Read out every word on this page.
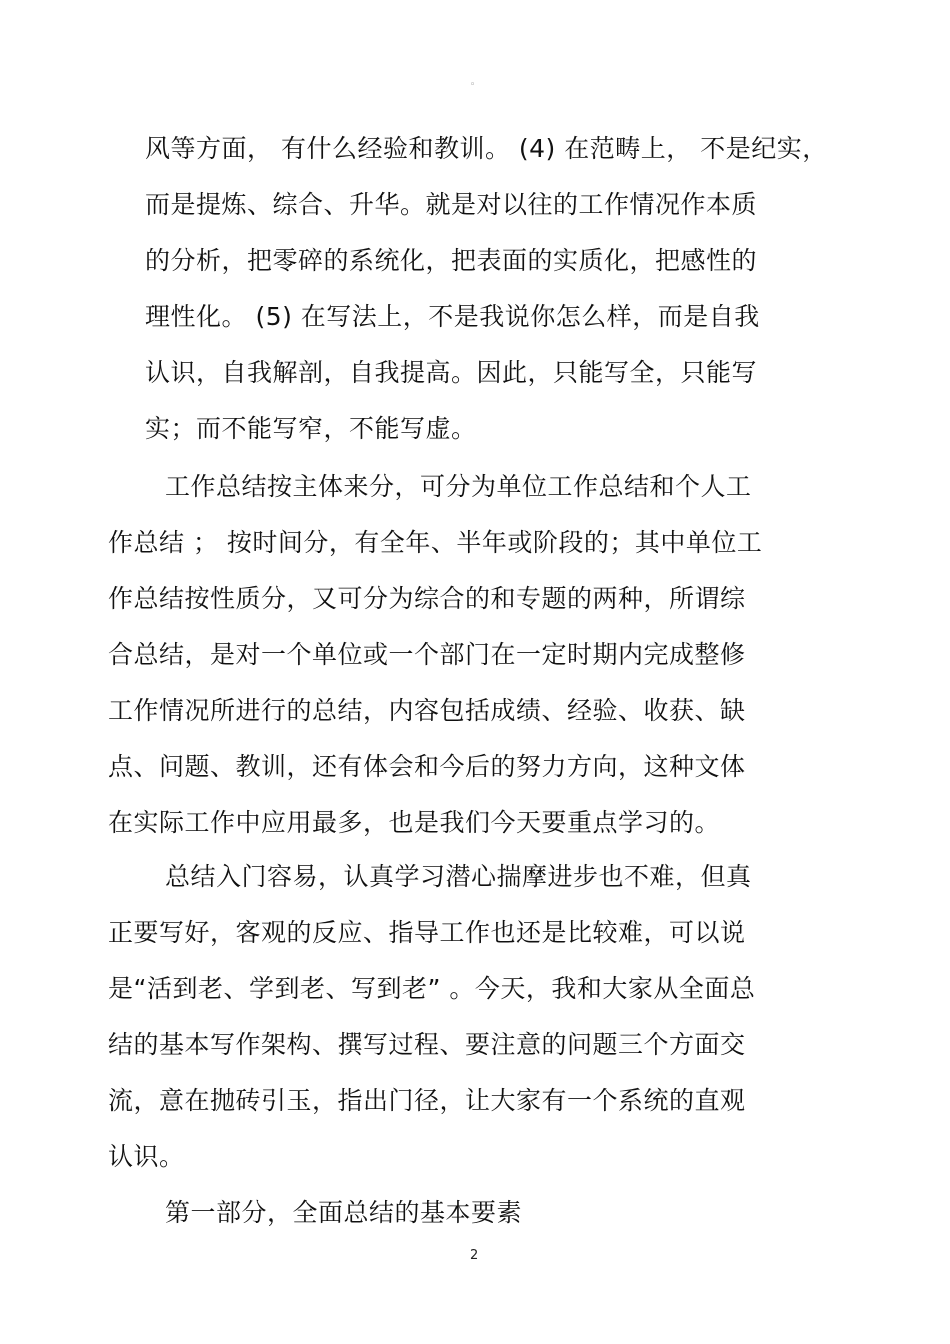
◦
风等方面， 有什么经验和教训。 (4) 在范畴上， 不是纪实，
而是提炼、综合、升华。就是对以往的工作情况作本质
的分析，把零碎的系统化，把表面的实质化，把感性的
理性化。 (5) 在写法上，不是我说你怎么样，而是自我
认识，自我解剖，自我提高。因此，只能写全，只能写
实；而不能写窄，不能写虚。
工作总结按主体来分，可分为单位工作总结和个人工
作总结 ； 按时间分，有全年、半年或阶段的；其中单位工
作总结按性质分，又可分为综合的和专题的两种，所谓综
合总结，是对一个单位或一个部门在一定时期内完成整修
工作情况所进行的总结，内容包括成绩、经验、收获、缺
点、问题、教训，还有体会和今后的努力方向，这种文体
在实际工作中应用最多，也是我们今天要重点学习的。
总结入门容易，认真学习潜心揣摩进步也不难，但真
正要写好，客观的反应、指导工作也还是比较难，可以说
是“活到老、学到老、写到老” 。今天，我和大家从全面总
结的基本写作架构、撰写过程、要注意的问题三个方面交
流，意在抛砖引玉，指出门径，让大家有一个系统的直观
认识。
第一部分，全面总结的基本要素
2
